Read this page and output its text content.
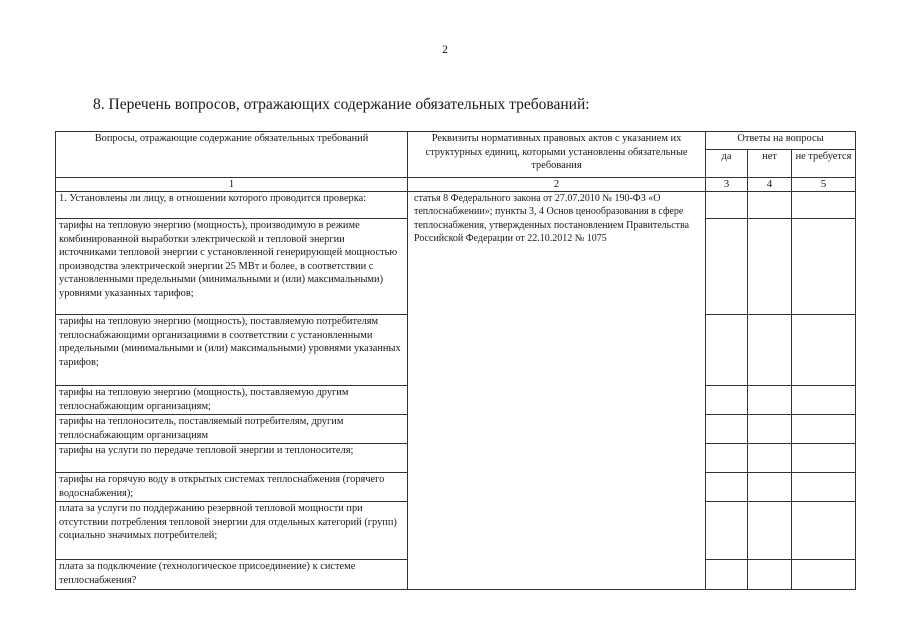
2
8. Перечень вопросов, отражающих содержание обязательных требований:
Вопросы, отражающие содержание обязательных требований	Реквизиты нормативных правовых актов с указанием их структурных единиц, которыми установлены обязательные требования	Ответы на вопросы		
		да	нет	не требуется
1	2	3	4	5
1. Установлены ли лицу, в отношении которого проводится проверка:	статья 8 Федерального закона от 27.07.2010 № 190-ФЗ «О теплоснабжении»; пункты 3, 4 Основ ценообразования в сфере теплоснабжения, утвержденных постановлением Правительства Российской Федерации от 22.10.2012 № 1075			
тарифы на тепловую энергию (мощность), производимую в режиме комбинированной выработки электрической и тепловой энергии источниками тепловой энергии с установленной генерирующей мощностью производства электрической энергии 25 МВт и более, в соответствии с установленными предельными (минимальными и (или) максимальными) уровнями указанных тарифов;				
тарифы на тепловую энергию (мощность), поставляемую потребителям теплоснабжающими организациями в соответствии с установленными предельными (минимальными и (или) максимальными) уровнями указанных тарифов;				
тарифы на тепловую энергию (мощность), поставляемую другим теплоснабжающим организациям;				
тарифы на теплоноситель, поставляемый потребителям, другим теплоснабжающим организациям				
тарифы на услуги по передаче тепловой энергии и теплоносителя;				
тарифы на горячую воду в открытых системах теплоснабжения (горячего водоснабжения);				
плата за услуги по поддержанию резервной тепловой мощности при отсутствии потребления тепловой энергии для отдельных категорий (групп) социально значимых потребителей;				
плата за подключение (технологическое присоединение) к системе теплоснабжения?				
